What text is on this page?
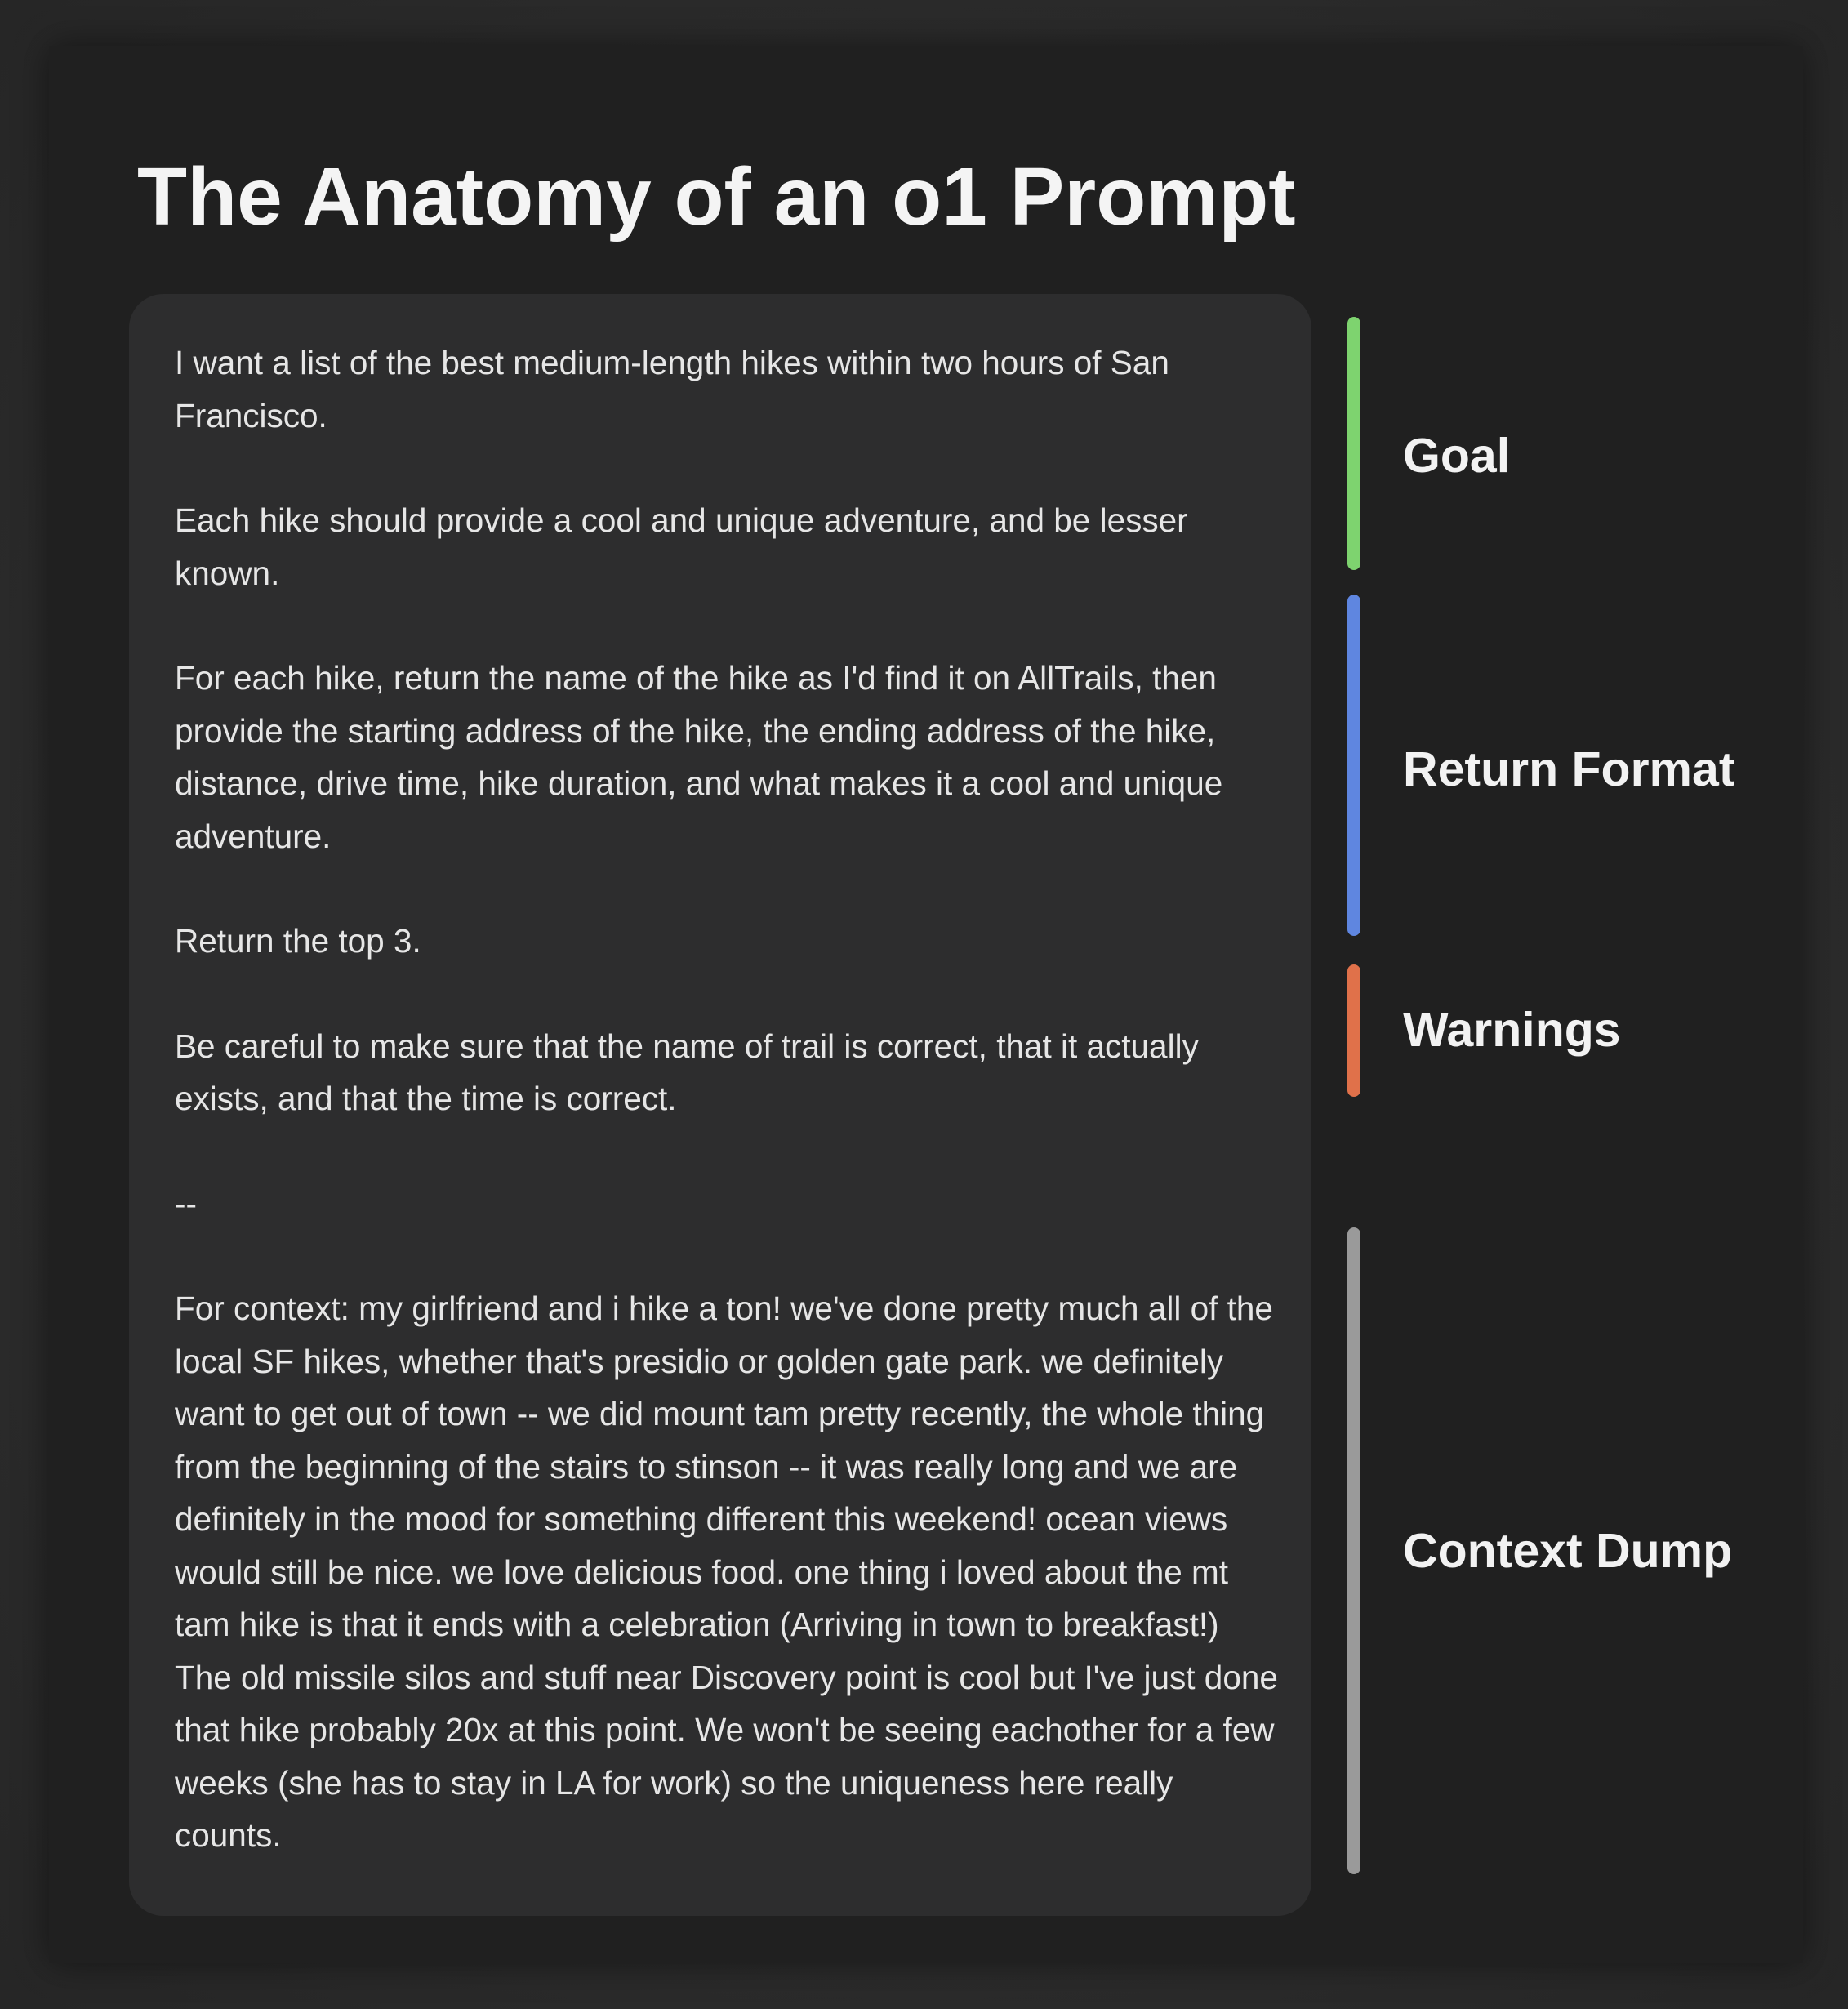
The Anatomy of an o1 Prompt

I want a list of the best medium-length hikes within two hours of San Francisco.

Each hike should provide a cool and unique adventure, and be lesser known.

For each hike, return the name of the hike as I'd find it on AllTrails, then provide the starting address of the hike, the ending address of the hike, distance, drive time, hike duration, and what makes it a cool and unique adventure.

Return the top 3.

Be careful to make sure that the name of trail is correct, that it actually exists, and that the time is correct.

--

For context: my girlfriend and i hike a ton! we've done pretty much all of the local SF hikes, whether that's presidio or golden gate park. we definitely want to get out of town -- we did mount tam pretty recently, the whole thing from the beginning of the stairs to stinson -- it was really long and we are definitely in the mood for something different this weekend! ocean views would still be nice. we love delicious food. one thing i loved about the mt tam hike is that it ends with a celebration (Arriving in town to breakfast!) The old missile silos and stuff near Discovery point is cool but I've just done that hike probably 20x at this point. We won't be seeing eachother for a few weeks (she has to stay in LA for work) so the uniqueness here really counts.

Goal
Return Format
Warnings
Context Dump
